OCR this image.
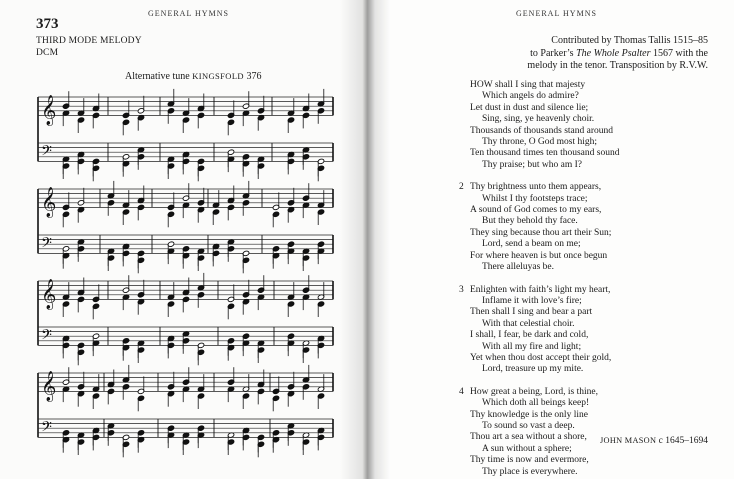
GENERAL HYMNS	GENERAL HYMNS
373
THIRD MODE MELODY
DCM
Contributed by Thomas Tallis 1515–85
to Parker’s The Whole Psalter 1567 with the
melody in the tenor. Transposition by R.V.W.
Alternative tune KINGSFOLD 376
𝄞
𝄢
𝄞
𝄢
𝄞
𝄢
𝄞
𝄢
HOW shall I sing that majesty
Which angels do admire?
Let dust in dust and silence lie;
Sing, sing, ye heavenly choir.
Thousands of thousands stand around
Thy throne, O God most high;
Ten thousand times ten thousand sound
Thy praise; but who am I?
2 Thy brightness unto them appears,
Whilst I thy footsteps trace;
A sound of God comes to my ears,
But they behold thy face.
They sing because thou art their Sun;
Lord, send a beam on me;
For where heaven is but once begun
There alleluyas be.
3 Enlighten with faith’s light my heart,
Inflame it with love’s fire;
Then shall I sing and bear a part
With that celestial choir.
I shall, I fear, be dark and cold,
With all my fire and light;
Yet when thou dost accept their gold,
Lord, treasure up my mite.
4 How great a being, Lord, is thine,
Which doth all beings keep!
Thy knowledge is the only line
To sound so vast a deep.
Thou art a sea without a shore,
A sun without a sphere;
Thy time is now and evermore,
Thy place is everywhere.
JOHN MASON c 1645–1694
